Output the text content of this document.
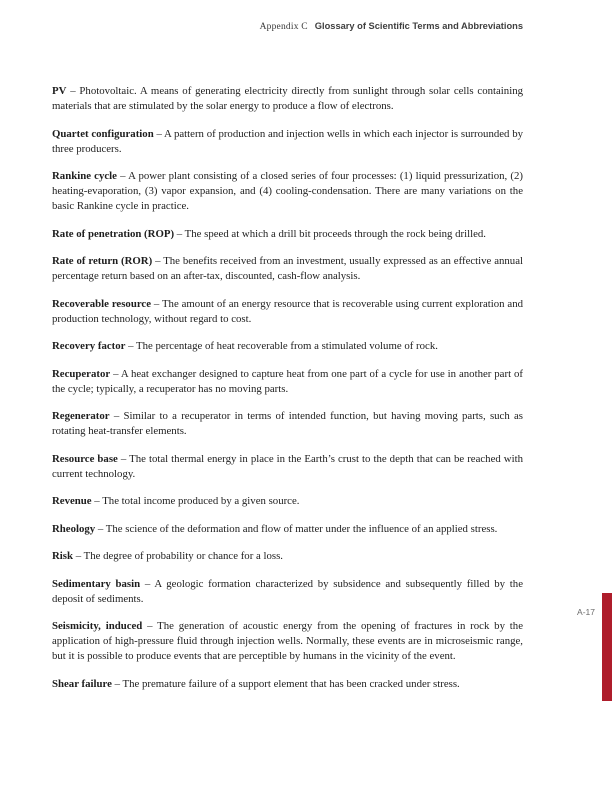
Appendix C Glossary of Scientific Terms and Abbreviations

PV – Photovoltaic. A means of generating electricity directly from sunlight through solar cells containing materials that are stimulated by the solar energy to produce a flow of electrons.

Quartet configuration – A pattern of production and injection wells in which each injector is surrounded by three producers.

Rankine cycle – A power plant consisting of a closed series of four processes: (1) liquid pressurization, (2) heating-evaporation, (3) vapor expansion, and (4) cooling-condensation. There are many variations on the basic Rankine cycle in practice.

Rate of penetration (ROP) – The speed at which a drill bit proceeds through the rock being drilled.

Rate of return (ROR) – The benefits received from an investment, usually expressed as an effective annual percentage return based on an after-tax, discounted, cash-flow analysis.

Recoverable resource – The amount of an energy resource that is recoverable using current exploration and production technology, without regard to cost.

Recovery factor – The percentage of heat recoverable from a stimulated volume of rock.

Recuperator – A heat exchanger designed to capture heat from one part of a cycle for use in another part of the cycle; typically, a recuperator has no moving parts.

Regenerator – Similar to a recuperator in terms of intended function, but having moving parts, such as rotating heat-transfer elements.

Resource base – The total thermal energy in place in the Earth’s crust to the depth that can be reached with current technology.

Revenue – The total income produced by a given source.

Rheology – The science of the deformation and flow of matter under the influence of an applied stress.

Risk – The degree of probability or chance for a loss.

Sedimentary basin – A geologic formation characterized by subsidence and subsequently filled by the deposit of sediments.

Seismicity, induced – The generation of acoustic energy from the opening of fractures in rock by the application of high-pressure fluid through injection wells. Normally, these events are in microseismic range, but it is possible to produce events that are perceptible by humans in the vicinity of the event.

Shear failure – The premature failure of a support element that has been cracked under stress.

A-17
